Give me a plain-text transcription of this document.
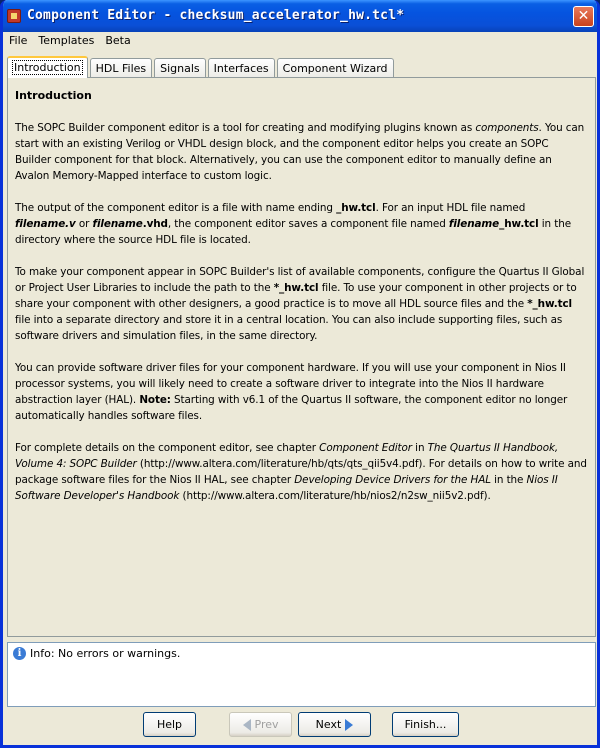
Component Editor - checksum_accelerator_hw.tcl*	✕
File	Templates	Beta
Introduction	HDL Files	Signals	Interfaces	Component Wizard
Introduction

The SOPC Builder component editor is a tool for creating and modifying plugins known as components. You can start with an existing Verilog or VHDL design block, and the component editor helps you create an SOPC Builder component for that block. Alternatively, you can use the component editor to manually define an Avalon Memory-Mapped interface to custom logic.

The output of the component editor is a file with name ending _hw.tcl. For an input HDL file named filename.v or filename.vhd, the component editor saves a component file named filename_hw.tcl in the directory where the source HDL file is located.

To make your component appear in SOPC Builder's list of available components, configure the Quartus II Global or Project User Libraries to include the path to the *_hw.tcl file. To use your component in other projects or to share your component with other designers, a good practice is to move all HDL source files and the *_hw.tcl file into a separate directory and store it in a central location. You can also include supporting files, such as software drivers and simulation files, in the same directory.

You can provide software driver files for your component hardware. If you will use your component in Nios II processor systems, you will likely need to create a software driver to integrate into the Nios II hardware abstraction layer (HAL). Note: Starting with v6.1 of the Quartus II software, the component editor no longer automatically handles software files.

For complete details on the component editor, see chapter Component Editor in The Quartus II Handbook, Volume 4: SOPC Builder (http://www.altera.com/literature/hb/qts/qts_qii5v4.pdf). For details on how to write and package software files for the Nios II HAL, see chapter Developing Device Drivers for the HAL in the Nios II Software Developer's Handbook (http://www.altera.com/literature/hb/nios2/n2sw_nii5v2.pdf).

i Info: No errors or warnings.
Help	Prev	Next	Finish...
